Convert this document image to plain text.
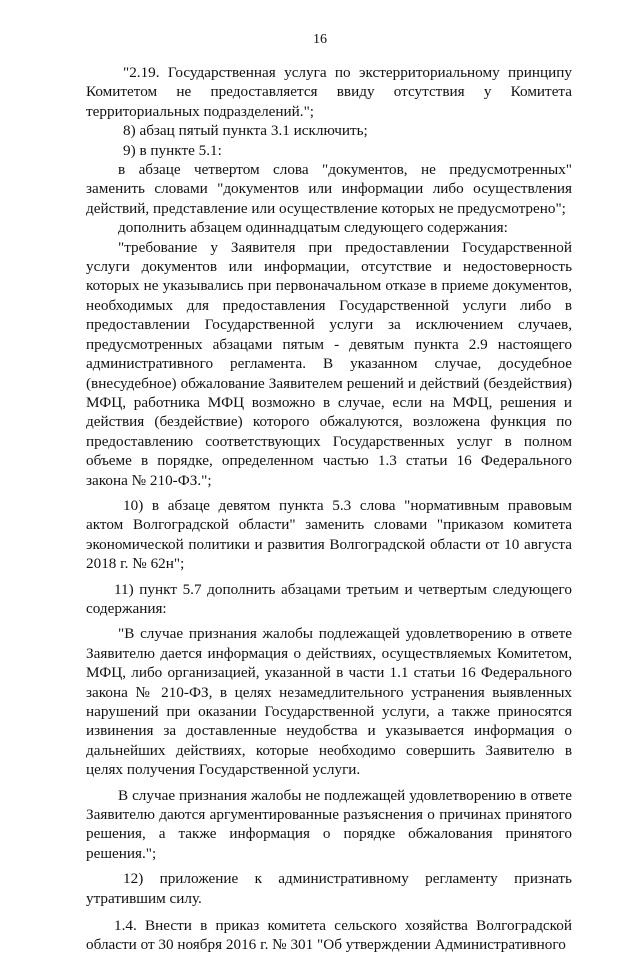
16

"2.19. Государственная услуга по экстерриториальному принципу Комитетом не предоставляется ввиду отсутствия у Комитета территориальных подразделений.";

8) абзац пятый пункта 3.1 исключить;

9) в пункте 5.1:

в абзаце четвертом слова "документов, не предусмотренных" заменить словами "документов или информации либо осуществления действий, представление или осуществление которых не предусмотрено";

дополнить абзацем одиннадцатым следующего содержания:

"требование у Заявителя при предоставлении Государственной услуги документов или информации, отсутствие и недостоверность которых не указывались при первоначальном отказе в приеме документов, необходимых для предоставления Государственной услуги либо в предоставлении Государственной услуги за исключением случаев, предусмотренных абзацами пятым - девятым пункта 2.9 настоящего административного регламента. В указанном случае, досудебное (внесудебное) обжалование Заявителем решений и действий (бездействия) МФЦ, работника МФЦ возможно в случае, если на МФЦ, решения и действия (бездействие) которого обжалуются, возложена функция по предоставлению соответствующих Государственных услуг в полном объеме в порядке, определенном частью 1.3 статьи 16 Федерального закона № 210-ФЗ.";

10) в абзаце девятом пункта 5.3 слова "нормативным правовым актом Волгоградской области" заменить словами "приказом комитета экономической политики и развития Волгоградской области от 10 августа 2018 г. № 62н";

11) пункт 5.7 дополнить абзацами третьим и четвертым следующего содержания:

"В случае признания жалобы подлежащей удовлетворению в ответе Заявителю дается информация о действиях, осуществляемых Комитетом, МФЦ, либо организацией, указанной в части 1.1 статьи 16 Федерального закона № 210-ФЗ, в целях незамедлительного устранения выявленных нарушений при оказании Государственной услуги, а также приносятся извинения за доставленные неудобства и указывается информация о дальнейших действиях, которые необходимо совершить Заявителю в целях получения Государственной услуги.

В случае признания жалобы не подлежащей удовлетворению в ответе Заявителю даются аргументированные разъяснения о причинах принятого решения, а также информация о порядке обжалования принятого решения.";

12) приложение к административному регламенту признать утратившим силу.

1.4. Внести в приказ комитета сельского хозяйства Волгоградской области от 30 ноября 2016 г. № 301 "Об утверждении Административного
